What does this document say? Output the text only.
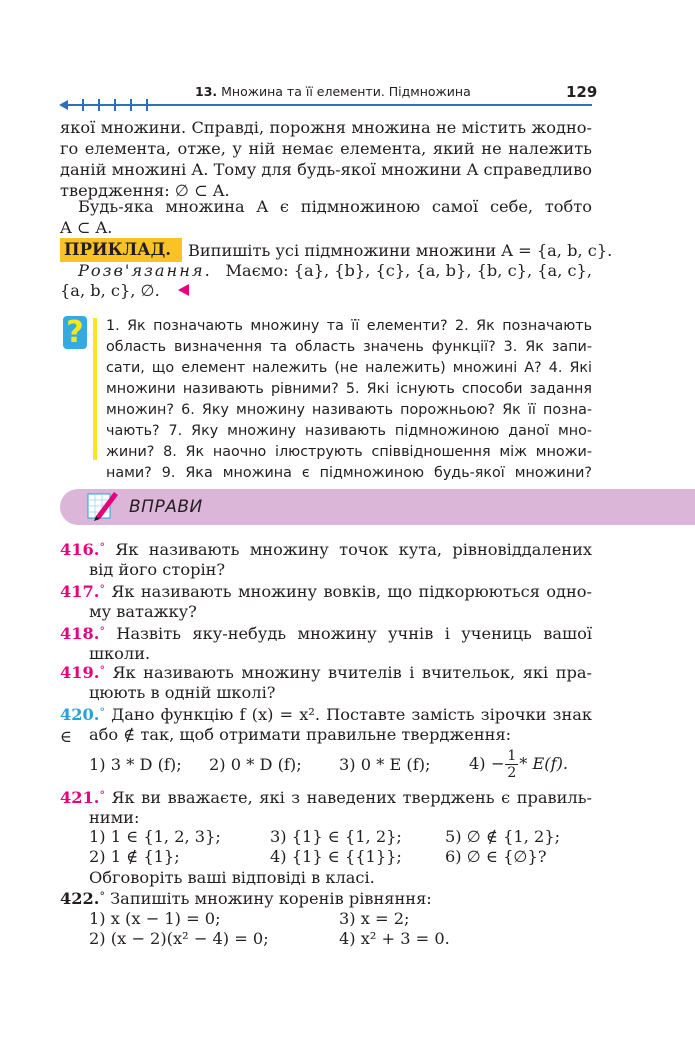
13. Множина та її елементи. Підмножина	129
якої множини. Справді, порожня множина не містить жодно-
го елемента, отже, у ній немає елемента, який не належить
даній множині A. Тому для будь-якої множини A справедливо
твердження: ∅ ⊂ A.
Будь-яка множина A є підмножиною самої себе, тобто
A ⊂ A.
ПРИКЛАД.	Випишіть усі підмножини множини A = {a, b, c}.
Розв'язання. Маємо: {a}, {b}, {c}, {a, b}, {b, c}, {a, c},
{a, b, c}, ∅.
? 1. Як позначають множину та її елементи? 2. Як позначають
область визначення та область значень функції? 3. Як запи-
сати, що елемент належить (не належить) множині A? 4. Які
множини називають рівними? 5. Які існують способи задання
множин? 6. Яку множину називають порожньою? Як її позна-
чають? 7. Яку множину називають підмножиною даної мно-
жини? 8. Як наочно ілюструють співвідношення між множи-
нами? 9. Яка множина є підмножиною будь-якої множини?
ВПРАВИ
416.° Як називають множину точок кута, рівновіддалених
від його сторін?
417.° Як називають множину вовків, що підкорюються одно-
му ватажку?
418.° Назвіть яку-небудь множину учнів і учениць вашої
школи.
419.° Як називають множину вчителів і вчительок, які пра-
цюють в одній школі?
420.° Дано функцію f (x) = x². Поставте замість зірочки знак ∈	або ∉ так, щоб отримати правильне твердження:
1) 3 * D (f); 2) 0 * D (f); 3) 0 * E (f); $4) - \frac{1}{2} * E(f)$.
421.° Як ви вважаєте, які з наведених тверджень є правиль-
ними:
1) 1 ∈ {1, 2, 3};	3) {1} ∈ {1, 2};	5) ∅ ∉ {1, 2};
2) 1 ∉ {1};	4) {1} ∈ {{1}};	6) ∅ ∈ {∅}?
Обговоріть ваші відповіді в класі.
422.° Запишіть множину коренів рівняння:
1) x (x − 1) = 0;	3) x = 2;
2) (x − 2)(x² − 4) = 0;	4) x² + 3 = 0.
